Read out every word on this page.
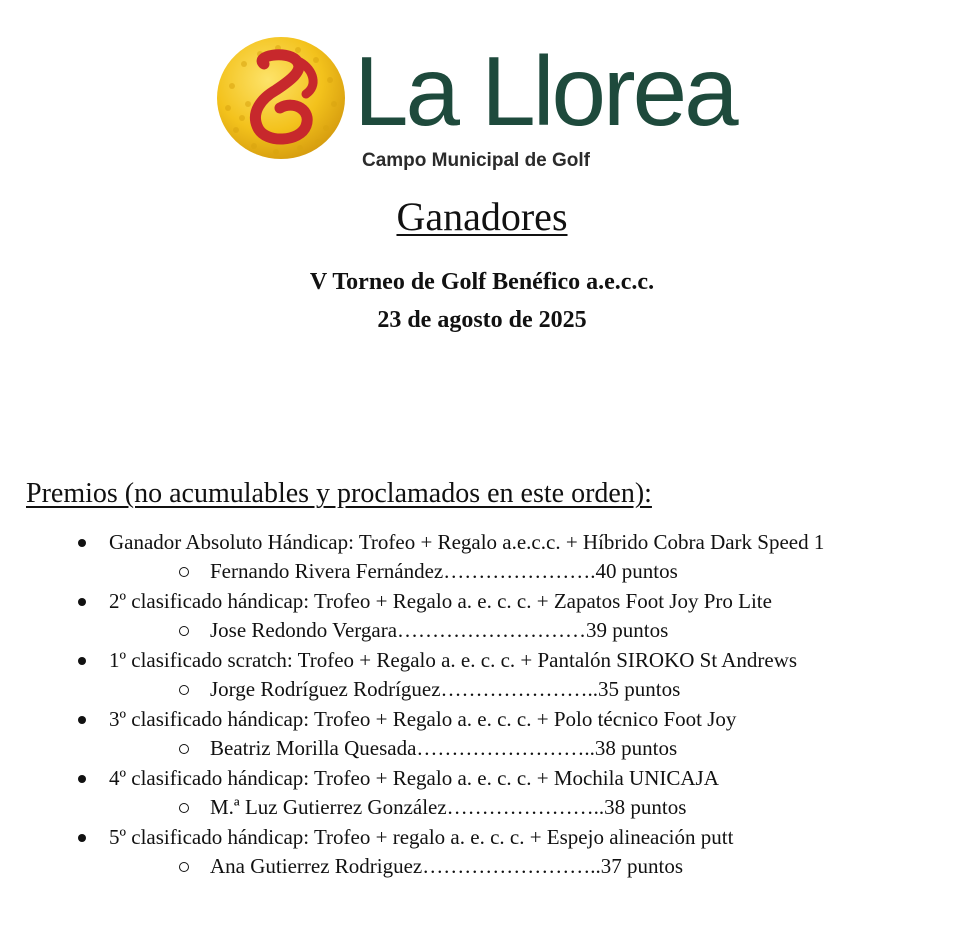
La Llorea
Campo Municipal de Golf
Ganadores
V Torneo de Golf Benéfico a.e.c.c.
23 de agosto de 2025
Premios (no acumulables y proclamados en este orden):
Ganador Absoluto Hándicap: Trofeo + Regalo a.e.c.c. + Híbrido Cobra Dark Speed 1
Fernando Rivera Fernández………………….40 puntos
2º clasificado hándicap: Trofeo + Regalo a. e. c. c. + Zapatos Foot Joy Pro Lite
Jose Redondo Vergara………………………39 puntos
1º clasificado scratch: Trofeo + Regalo a. e. c. c. + Pantalón SIROKO St Andrews
Jorge Rodríguez Rodríguez…………………..35 puntos
3º clasificado hándicap: Trofeo + Regalo a. e. c. c. + Polo técnico Foot Joy
Beatriz Morilla Quesada……………………..38 puntos
4º clasificado hándicap: Trofeo + Regalo a. e. c. c. + Mochila UNICAJA
M.ª Luz Gutierrez González…………………..38 puntos
5º clasificado hándicap: Trofeo + regalo a. e. c. c. + Espejo alineación putt
Ana Gutierrez Rodriguez……………………..37 puntos
